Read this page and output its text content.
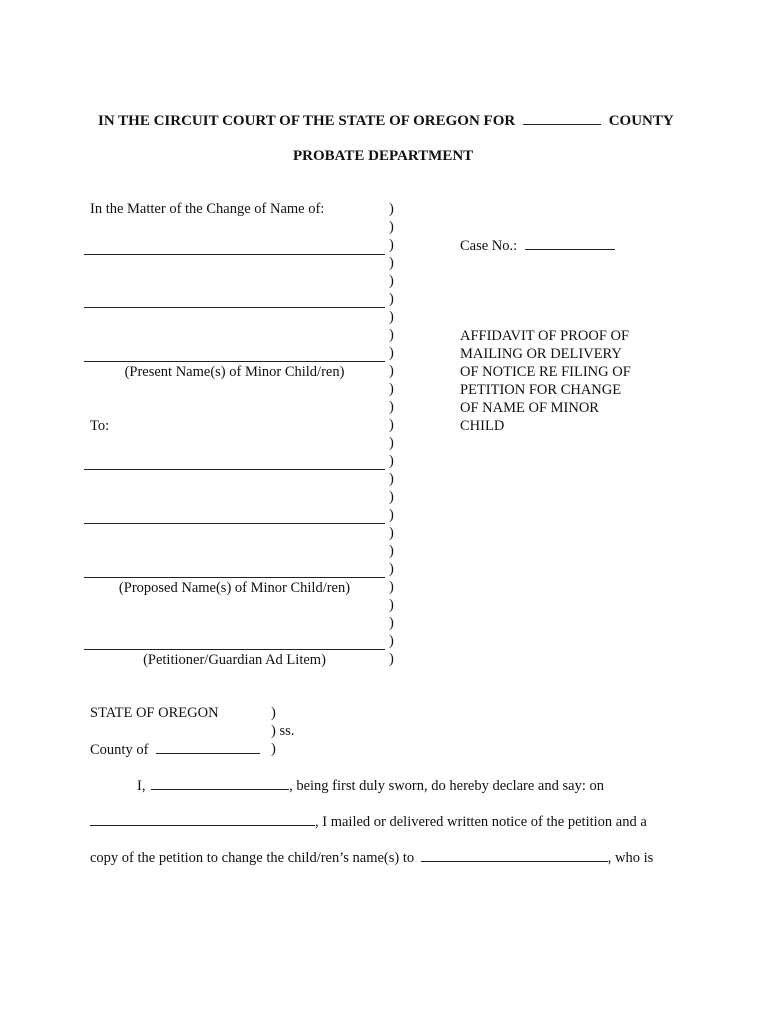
IN THE CIRCUIT COURT OF THE STATE OF OREGON FOR	COUNTY
PROBATE DEPARTMENT
In the Matter of the Change of Name of:
(Present Name(s) of Minor Child/ren)
To:
(Proposed Name(s) of Minor Child/ren)
(Petitioner/Guardian Ad Litem)
)
)
)
)
)
)
)
)
)
)
)
)
)
)
)
)
)
)
)
)
)
)
)
)
)
)
Case No.:
AFFIDAVIT OF PROOF OF
MAILING OR DELIVERY
OF NOTICE RE FILING OF
PETITION FOR CHANGE
OF NAME OF MINOR
CHILD
STATE OF OREGON	)
) ss.
County of	)
I,	, being first duly sworn, do hereby declare and say: on
, I mailed or delivered written notice of the petition and a
copy of the petition to change the child/ren’s name(s) to	, who is
